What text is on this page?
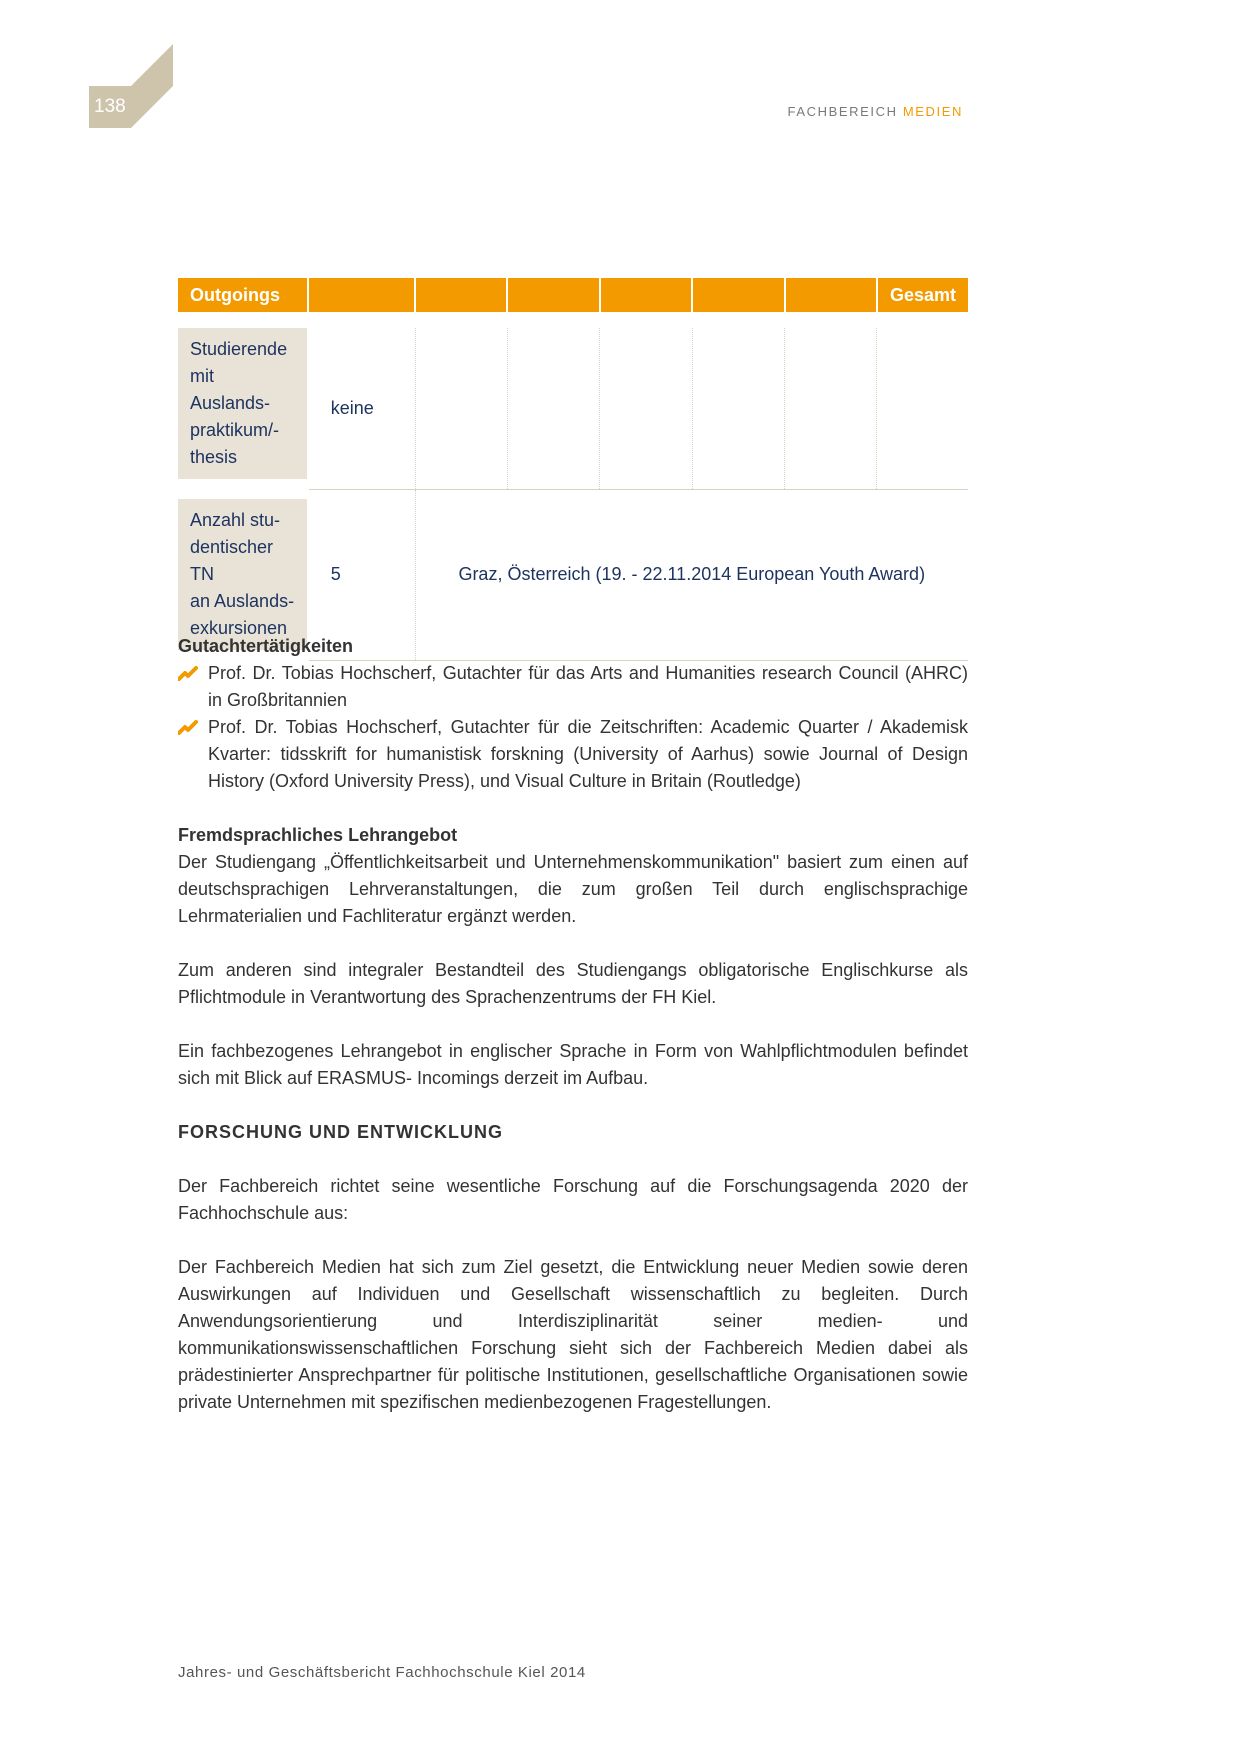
138	FACHBEREICH MEDIEN
Outgoings							Gesamt

Studierende
mit Auslands-
praktikum/-
thesis	keine						

Anzahl stu-
dentischer TN
an Auslands-
exkursionen	5	Graz, Österreich (19. - 22.11.2014 European Youth Award)					
Gutachtertätigkeiten
Prof. Dr. Tobias Hochscherf, Gutachter für das Arts and Humanities research Council (AHRC) in Großbritannien
Prof. Dr. Tobias Hochscherf, Gutachter für die Zeitschriften: Academic Quarter / Akademisk Kvarter: tidsskrift for humanistisk forskning (University of Aarhus) sowie Journal of Design History (Oxford University Press), und Visual Culture in Britain (Routledge)
Fremdsprachliches Lehrangebot

Der Studiengang „Öffentlichkeitsarbeit und Unternehmenskommunikation" basiert zum einen auf deutschsprachigen Lehrveranstaltungen, die zum großen Teil durch englischsprachige Lehrmaterialien und Fachliteratur ergänzt werden.

Zum anderen sind integraler Bestandteil des Studiengangs obligatorische Englischkurse als Pflichtmodule in Verantwortung des Sprachenzentrums der FH Kiel.

Ein fachbezogenes Lehrangebot in englischer Sprache in Form von Wahlpflichtmodulen befindet sich mit Blick auf ERASMUS- Incomings derzeit im Aufbau.

FORSCHUNG UND ENTWICKLUNG

Der Fachbereich richtet seine wesentliche Forschung auf die Forschungsagenda 2020 der Fachhochschule aus:

Der Fachbereich Medien hat sich zum Ziel gesetzt, die Entwicklung neuer Medien sowie deren Auswirkungen auf Individuen und Gesellschaft wissenschaftlich zu begleiten. Durch Anwendungsorientierung und Interdisziplinarität seiner medien- und kommunikationswissenschaftlichen Forschung sieht sich der Fachbereich Medien dabei als prädestinierter Ansprechpartner für politische Institutionen, gesellschaftliche Organisationen sowie private Unternehmen mit spezifischen medienbezogenen Fragestellungen.

Jahres- und Geschäftsbericht Fachhochschule Kiel 2014
